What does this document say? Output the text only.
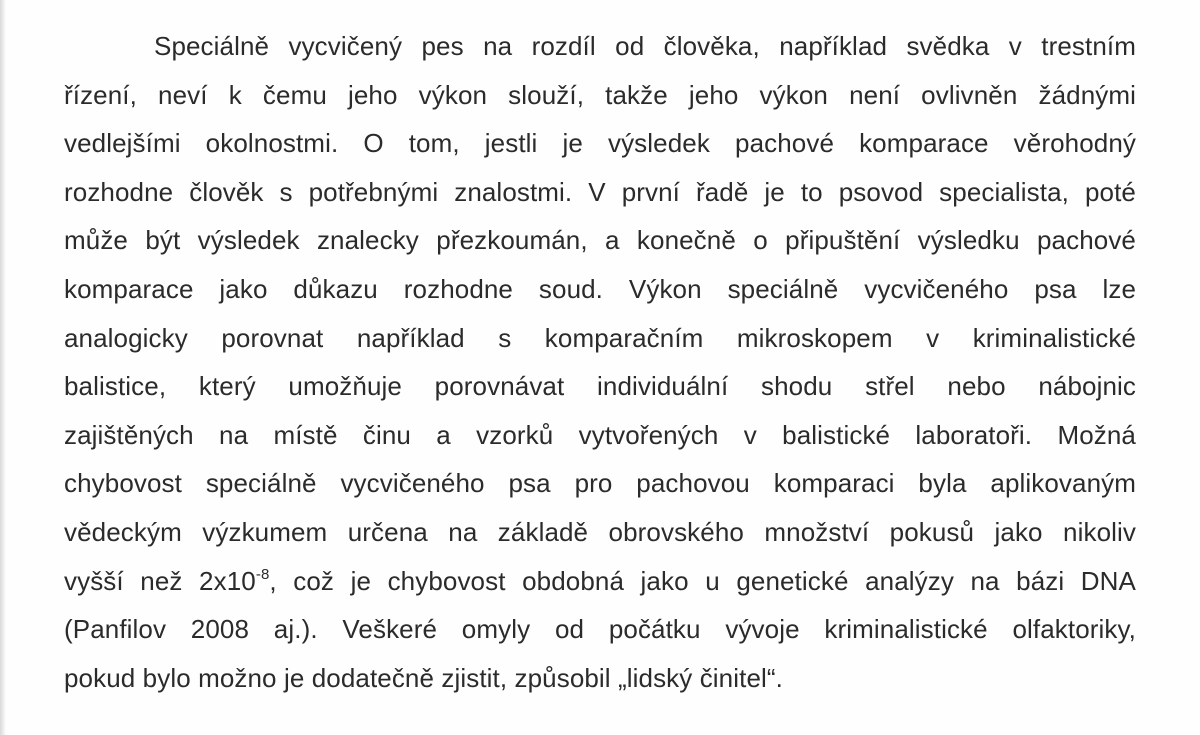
Speciálně vycvičený pes na rozdíl od člověka, například svědka v trestním
řízení, neví k čemu jeho výkon slouží, takže jeho výkon není ovlivněn žádnými
vedlejšími okolnostmi. O tom, jestli je výsledek pachové komparace věrohodný
rozhodne člověk s potřebnými znalostmi. V první řadě je to psovod specialista, poté
může být výsledek znalecky přezkoumán, a konečně o připuštění výsledku pachové
komparace jako důkazu rozhodne soud. Výkon speciálně vycvičeného psa lze
analogicky porovnat například s komparačním mikroskopem v kriminalistické
balistice, který umožňuje porovnávat individuální shodu střel nebo nábojnic
zajištěných na místě činu a vzorků vytvořených v balistické laboratoři. Možná
chybovost speciálně vycvičeného psa pro pachovou komparaci byla aplikovaným
vědeckým výzkumem určena na základě obrovského množství pokusů jako nikoliv
vyšší než $2x10^{-8}$, což je chybovost obdobná jako u genetické analýzy na bázi DNA
(Panfilov 2008 aj.). Veškeré omyly od počátku vývoje kriminalistické olfaktoriky,
pokud bylo možno je dodatečně zjistit, způsobil „lidský činitel“.
